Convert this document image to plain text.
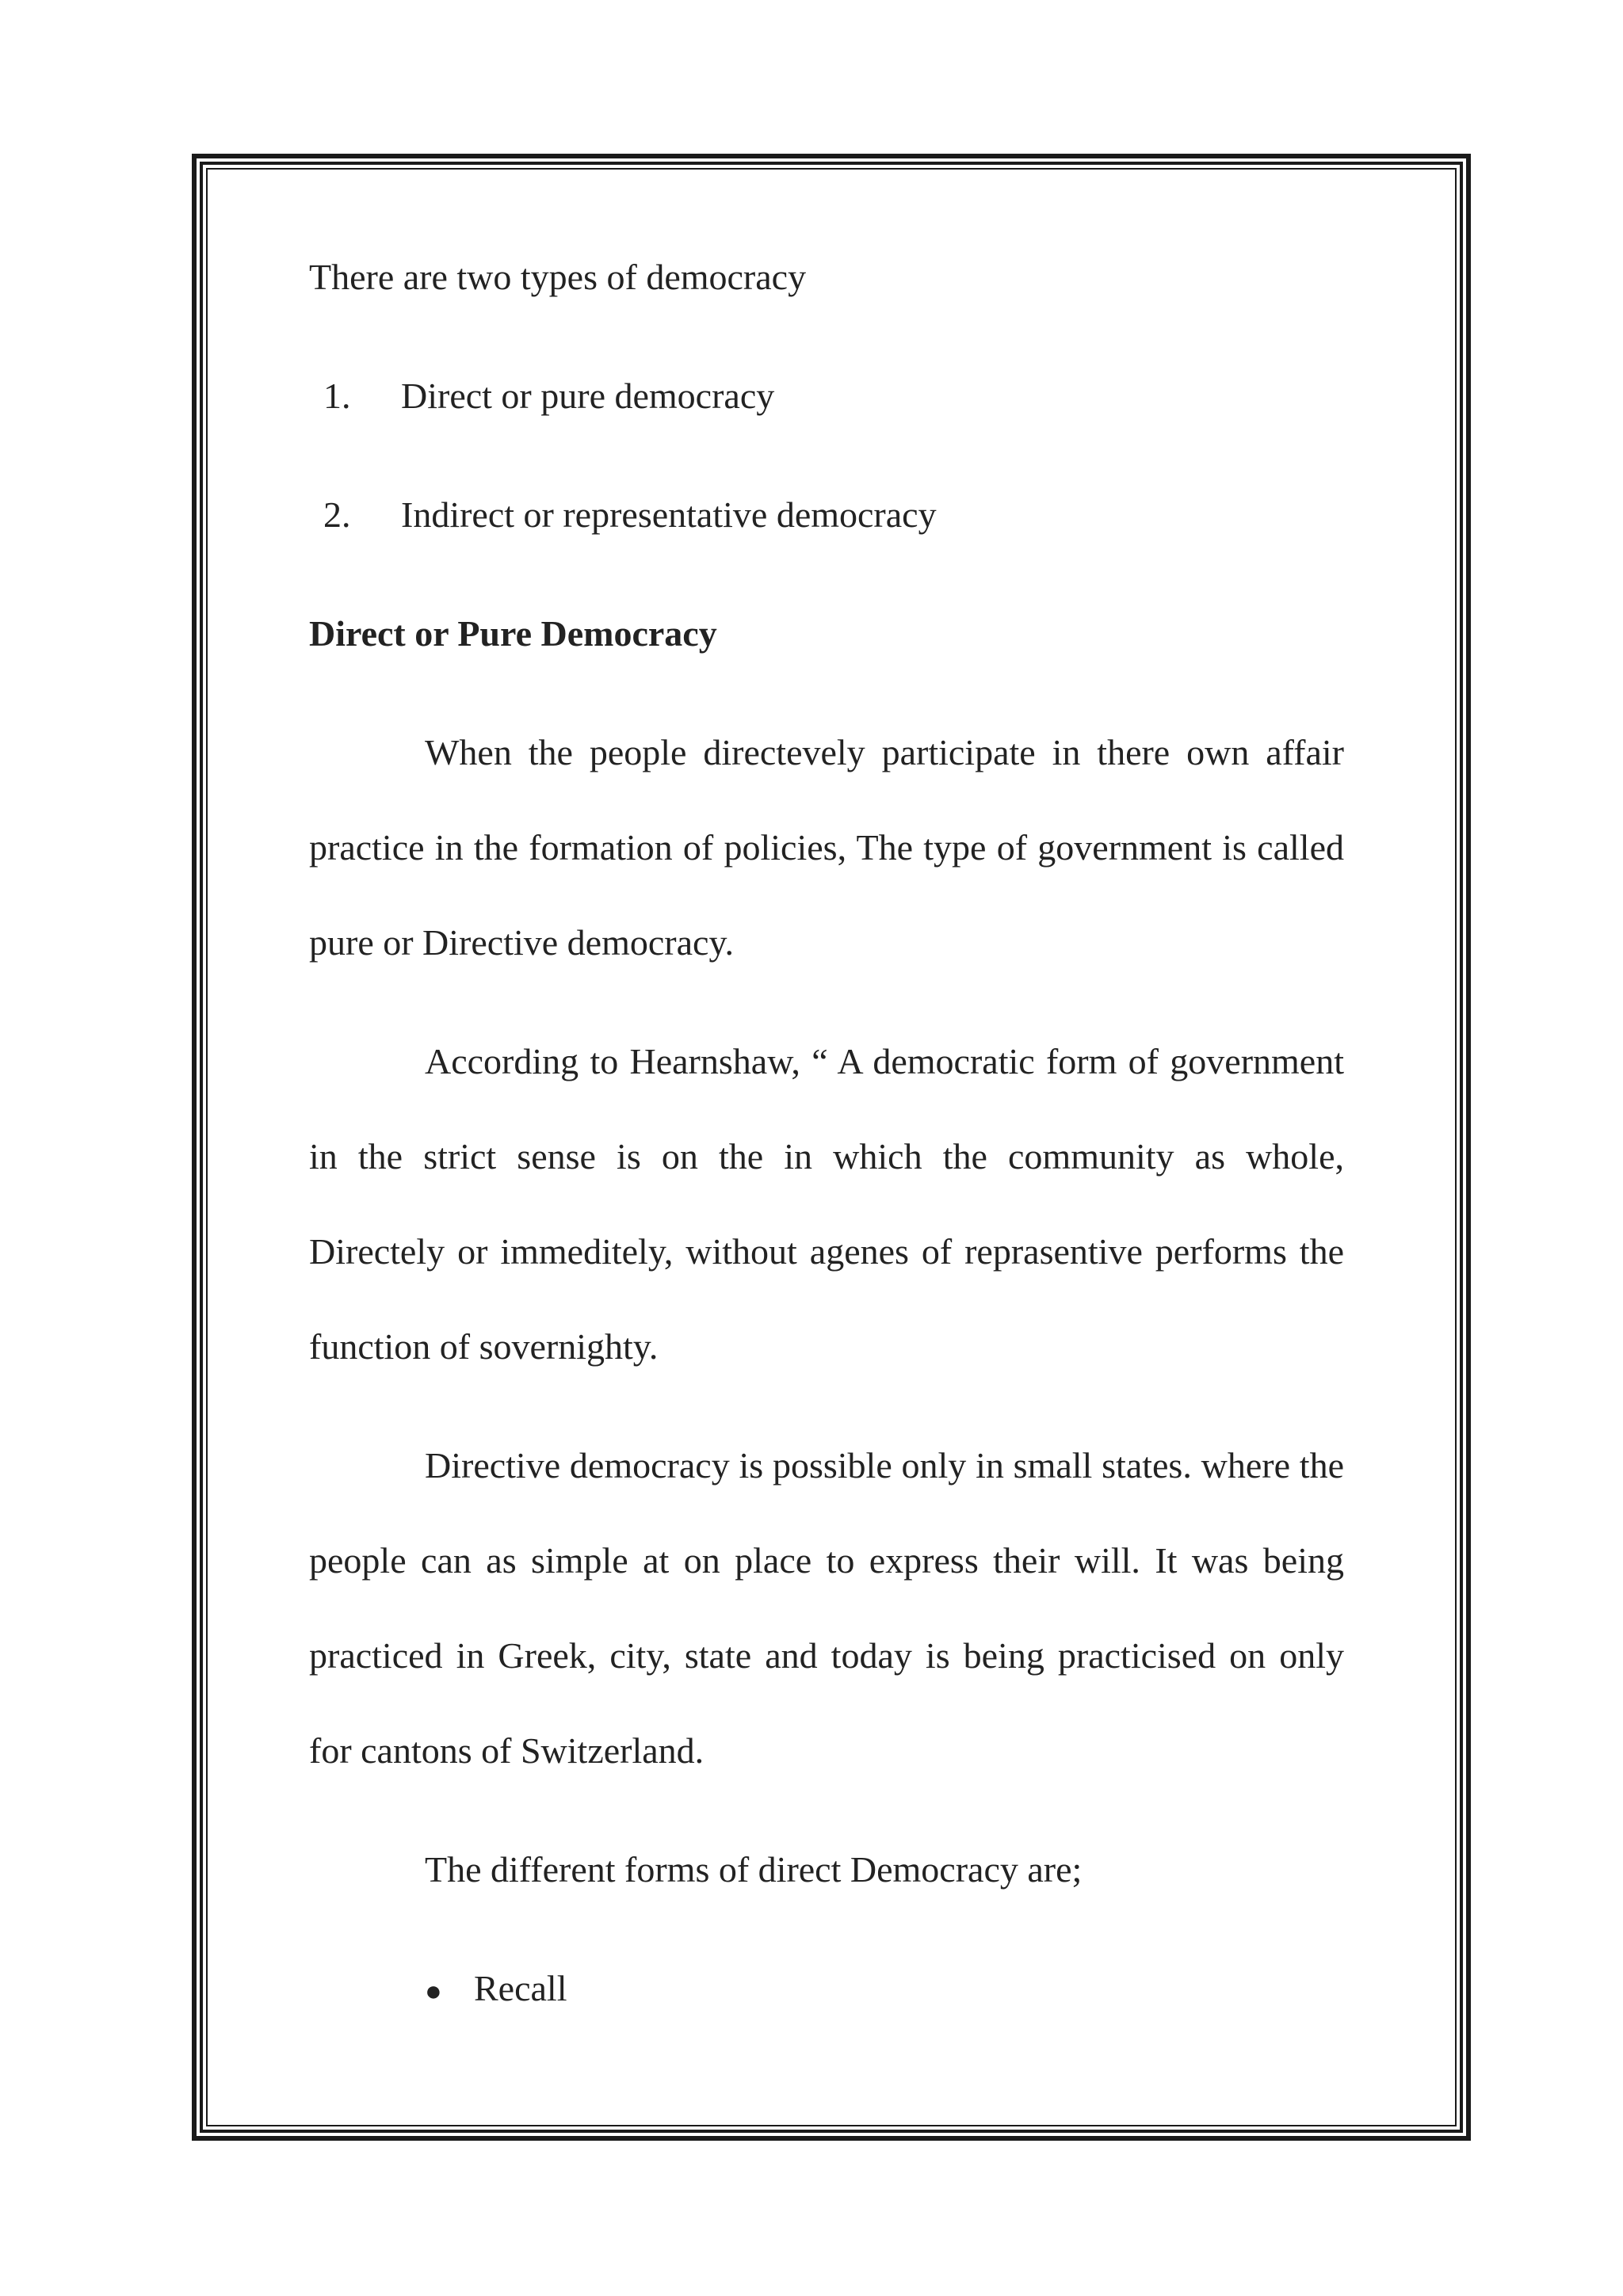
There are two types of democracy
1.	Direct or pure democracy
2.	Indirect or representative democracy
Direct or Pure Democracy
When the people directevely participate in there own affair practice in the formation of policies, The type of government is called pure or Directive democracy.
According to Hearnshaw, “ A democratic form of government in the strict sense is on the in which the community as whole, Directely or immeditely, without agenes of reprasentive performs the function of sovernighty.
Directive democracy is possible only in small states. where the people can as simple at on place to express their will. It was being practiced in Greek, city, state and today is being practicised on only for cantons of Switzerland.
The different forms of direct Democracy are;
● Recall
